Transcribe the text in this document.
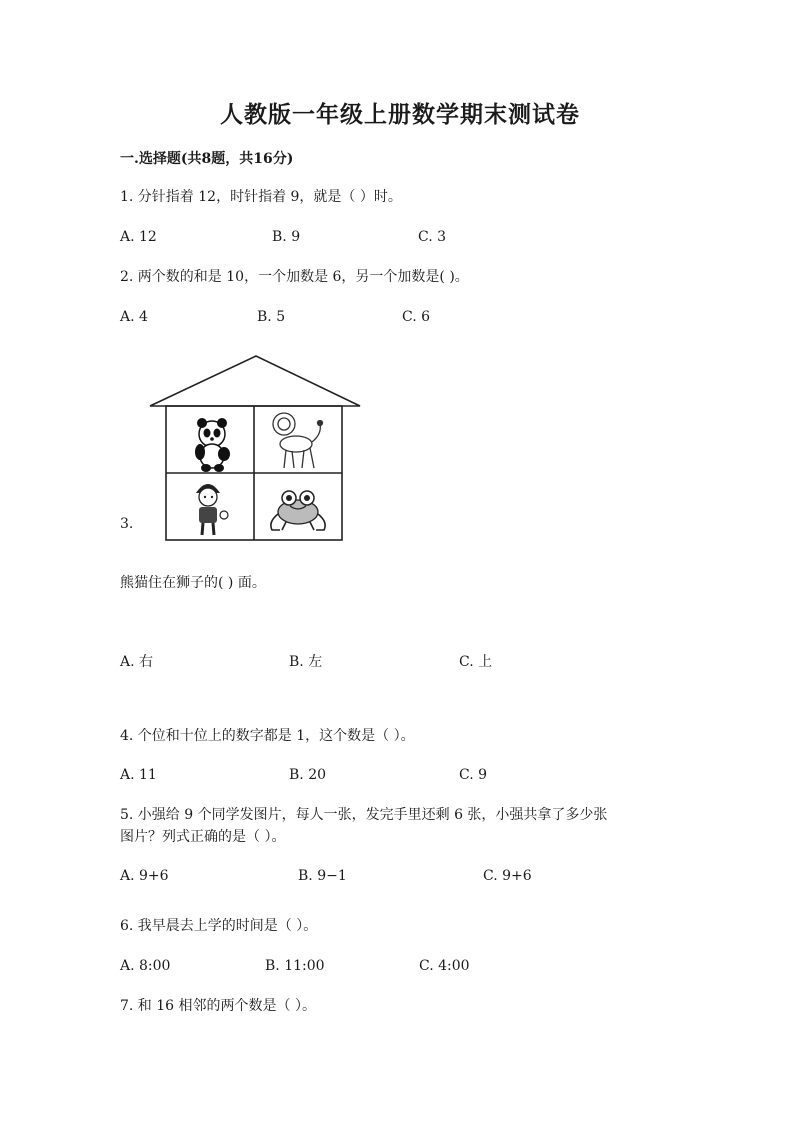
人教版一年级上册数学期末测试卷
一.选择题(共8题，共16分)
1. 分针指着 12，时针指着 9，就是（ ）时。
A. 12	B. 9	C. 3
2. 两个数的和是 10，一个加数是 6，另一个加数是( )。
A. 4	B. 5	C. 6
3.
熊猫住在狮子的( ) 面。
A. 右	B. 左	C. 上
4. 个位和十位上的数字都是 1，这个数是（ ）。
A. 11	B. 20	C. 9
5. 小强给 9 个同学发图片，每人一张，发完手里还剩 6 张，小强共拿了多少张
图片？列式正确的是（ ）。
A. 9+6	B. 9−1	C. 9+6
6. 我早晨去上学的时间是（ ）。
A. 8:00	B. 11:00	C. 4:00
7. 和 16 相邻的两个数是（ ）。
